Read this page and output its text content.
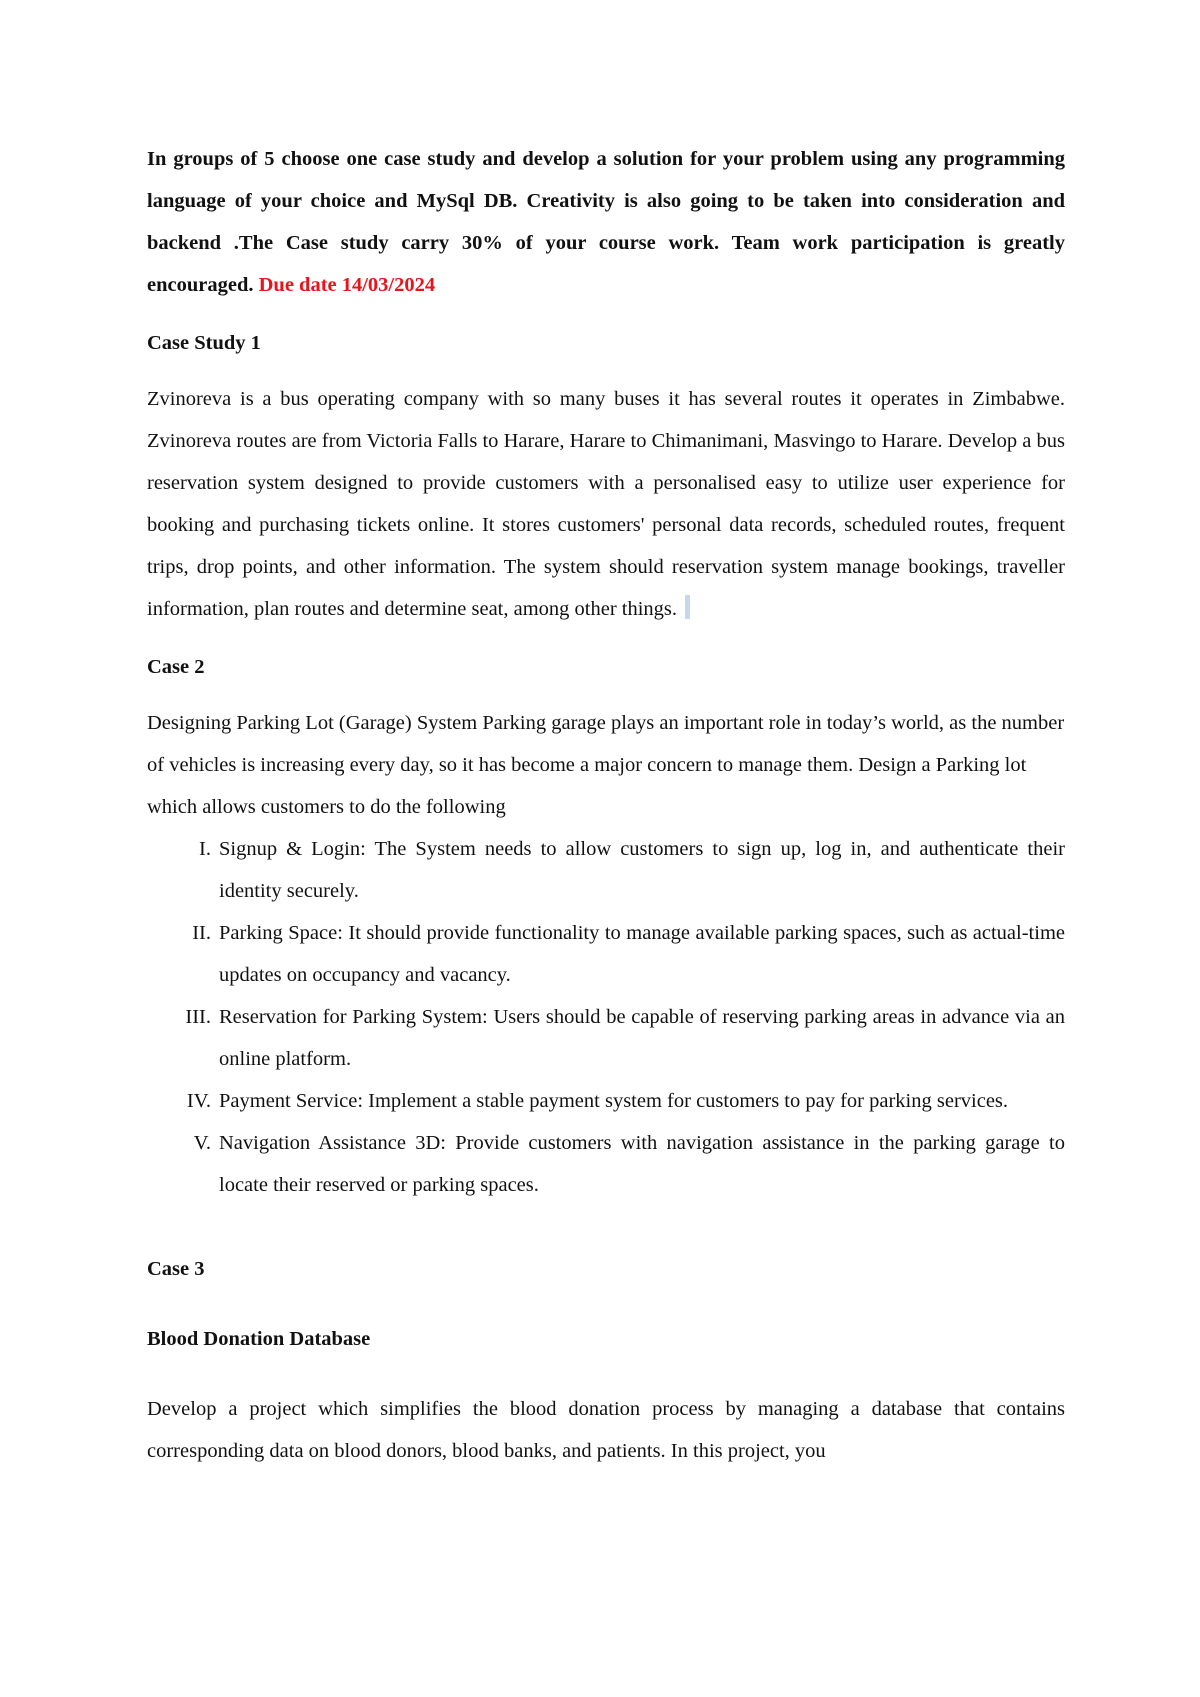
In groups of 5 choose one case study and develop a solution for your problem using any programming language of your choice and MySql DB. Creativity is also going to be taken into consideration and backend .The Case study carry 30% of your course work. Team work participation is greatly encouraged. Due date 14/03/2024

Case Study 1

Zvinoreva is a bus operating company with so many buses it has several routes it operates in Zimbabwe. Zvinoreva routes are from Victoria Falls to Harare, Harare to Chimanimani, Masvingo to Harare. Develop a bus reservation system designed to provide customers with a personalised easy to utilize user experience for booking and purchasing tickets online. It stores customers' personal data records, scheduled routes, frequent trips, drop points, and other information. The system should reservation system manage bookings, traveller information, plan routes and determine seat, among other things.

Case 2

Designing Parking Lot (Garage) System Parking garage plays an important role in today’s world, as the number of vehicles is increasing every day, so it has become a major concern to manage them. Design a Parking lot which allows customers to do the following

I. Signup & Login: The System needs to allow customers to sign up, log in, and authenticate their identity securely.
II. Parking Space: It should provide functionality to manage available parking spaces, such as actual-time updates on occupancy and vacancy.
III. Reservation for Parking System: Users should be capable of reserving parking areas in advance via an online platform.
IV. Payment Service: Implement a stable payment system for customers to pay for parking services.
V. Navigation Assistance 3D: Provide customers with navigation assistance in the parking garage to locate their reserved or parking spaces.

Case 3

Blood Donation Database

Develop a project which simplifies the blood donation process by managing a database that contains corresponding data on blood donors, blood banks, and patients. In this project, you
